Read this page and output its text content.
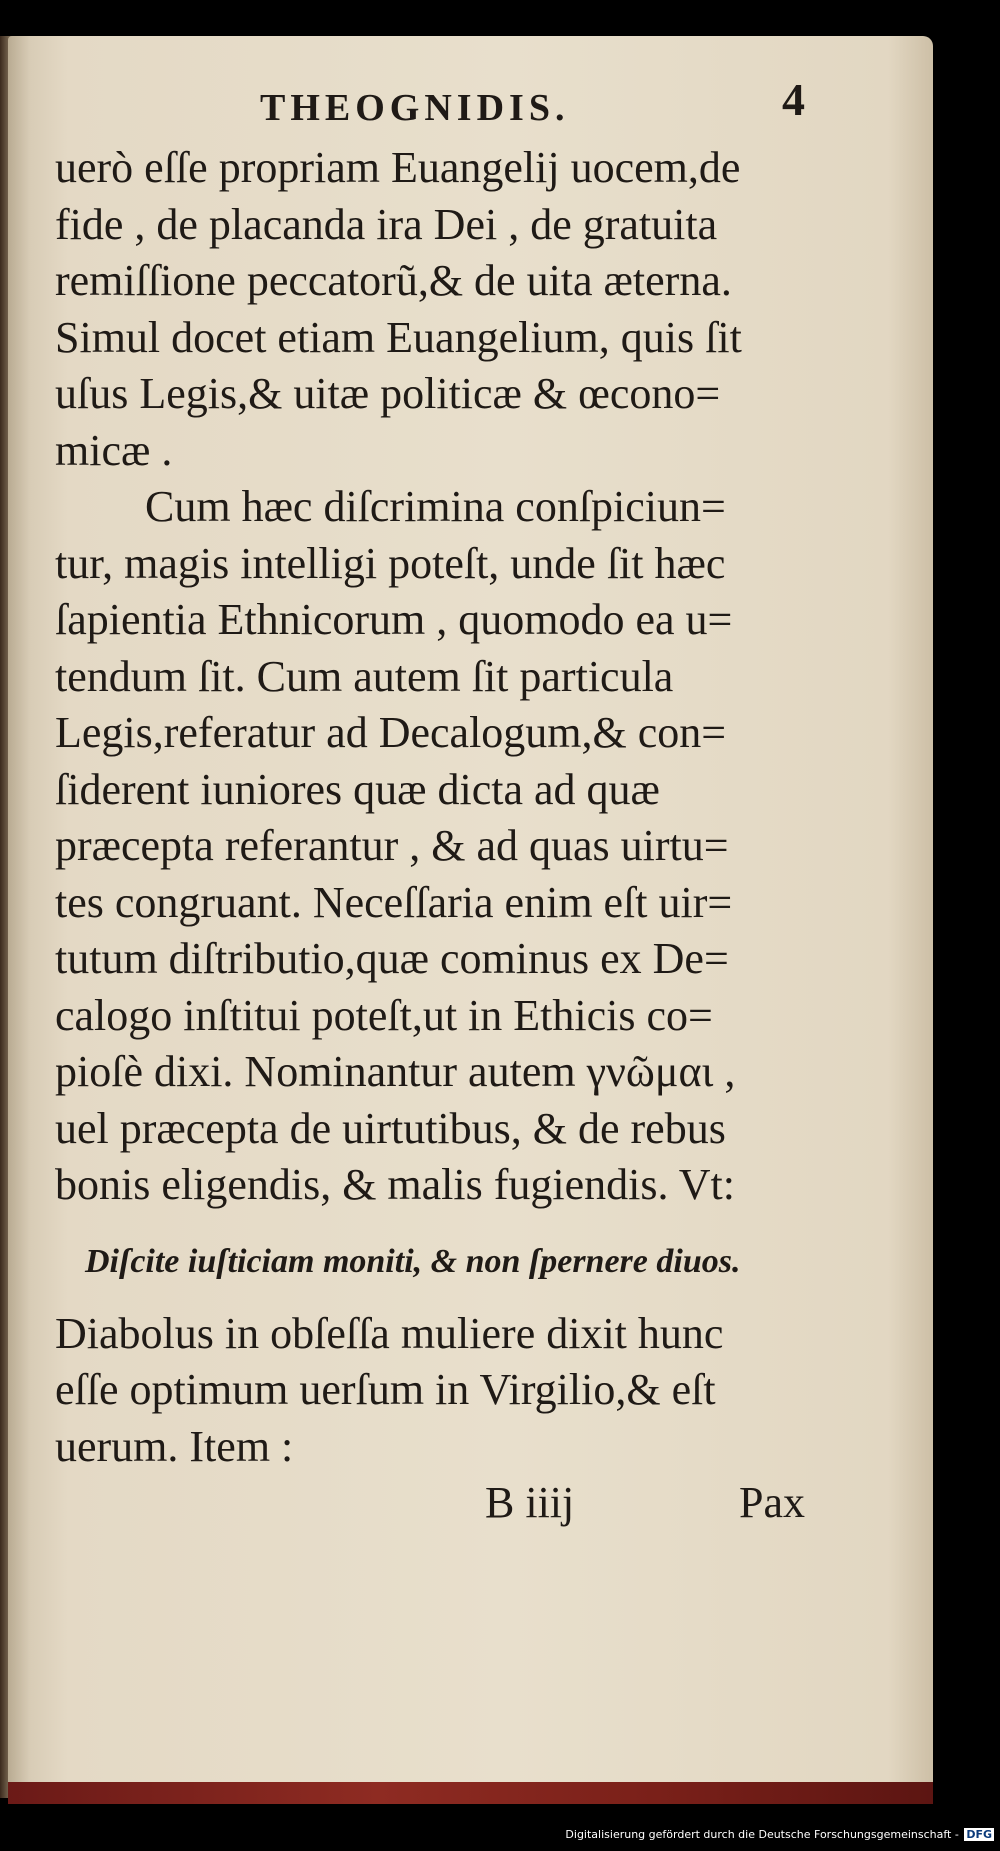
THEOGNIDIS.	4
uerò eſſe propriam Euangelij uocem,de
fide , de placanda ira Dei , de gratuita
remiſſione peccatorũ,& de uita æterna.
Simul docet etiam Euangelium, quis ſit
uſus Legis,& uitæ politicæ & œcono=
micæ .
Cum hæc diſcrimina conſpiciun=
tur, magis intelligi poteſt, unde ſit hæc
ſapientia Ethnicorum , quomodo ea u=
tendum ſit. Cum autem ſit particula
Legis,referatur ad Decalogum,& con=
ſiderent iuniores quæ dicta ad quæ
præcepta referantur , & ad quas uirtu=
tes congruant. Neceſſaria enim eſt uir=
tutum diſtributio,quæ cominus ex De=
calogo inſtitui poteſt,ut in Ethicis co=
pioſè dixi. Nominantur autem γνῶμαι ,
uel præcepta de uirtutibus, & de rebus
bonis eligendis, & malis fugiendis. Vt:
Diſcite iuſticiam moniti, & non ſpernere diuos.
Diabolus in obſeſſa muliere dixit hunc
eſſe optimum uerſum in Virgilio,& eſt
uerum. Item :
B iiij	Pax
Digitalisierung gefördert durch die Deutsche Forschungsgemeinschaft - DFG
